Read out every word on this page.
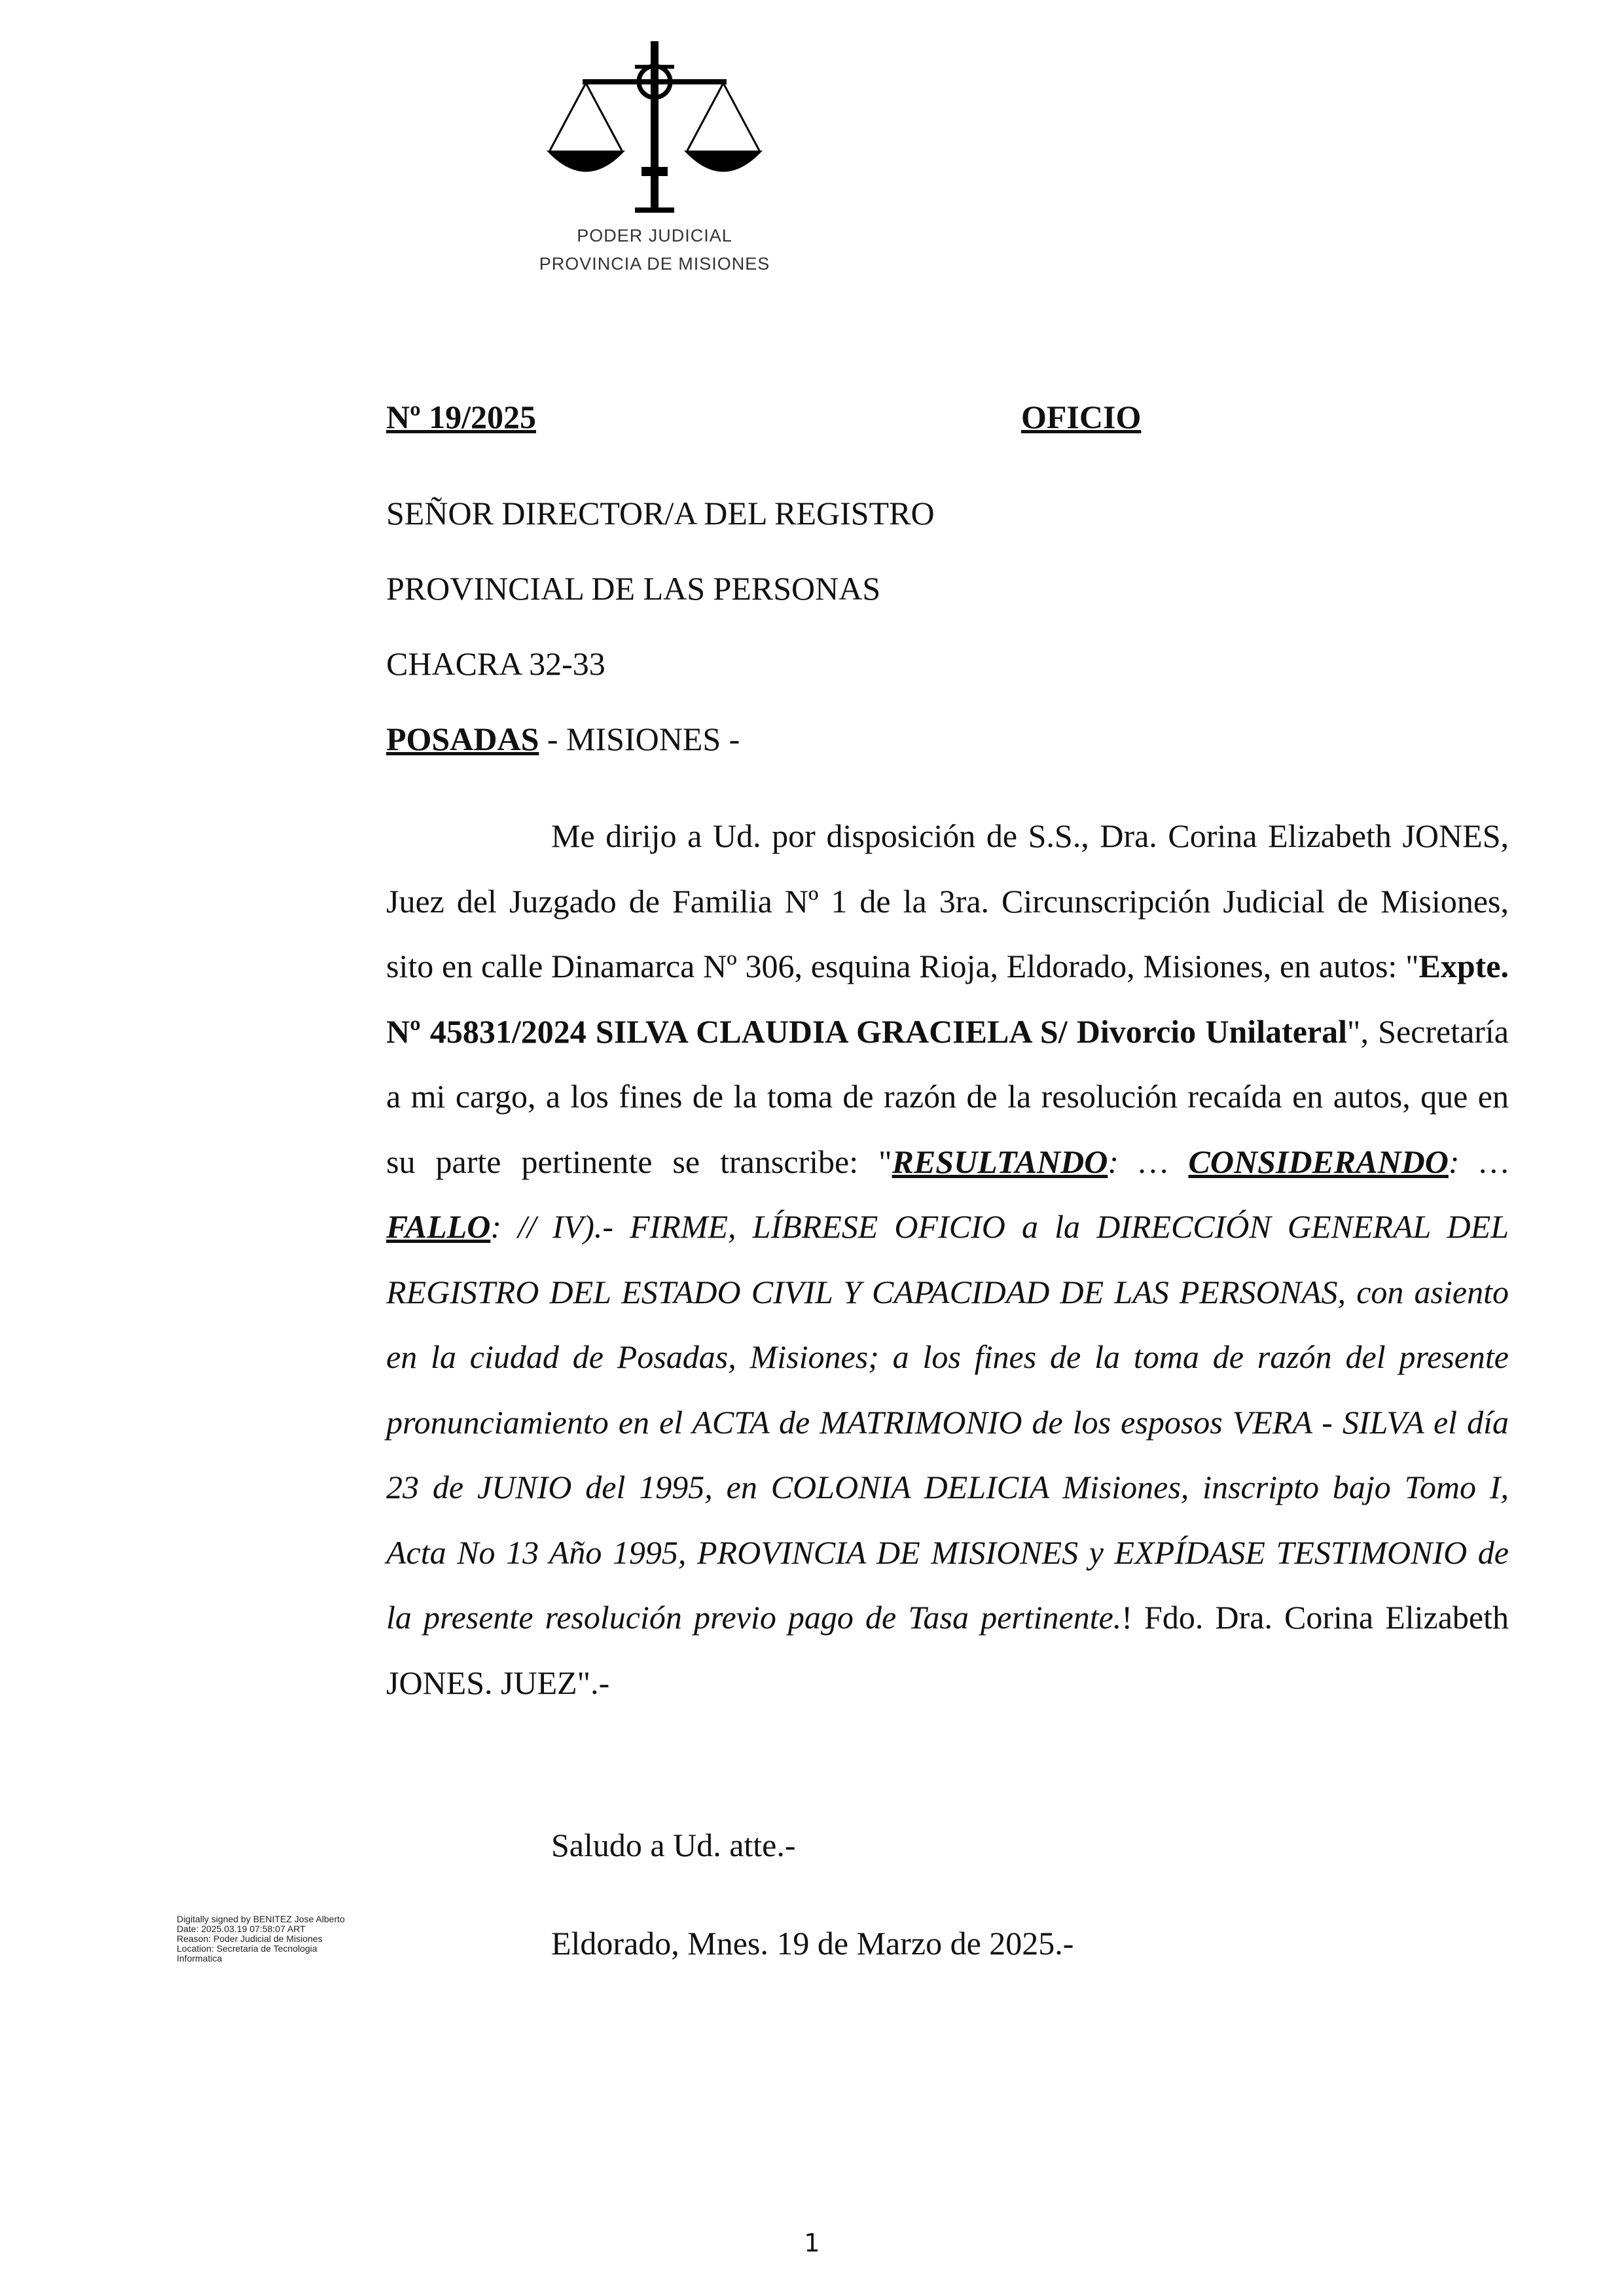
PODER JUDICIAL
PROVINCIA DE MISIONES
Nº 19/2025	OFICIO
SEÑOR DIRECTOR/A DEL REGISTRO
PROVINCIAL DE LAS PERSONAS
CHACRA 32-33
POSADAS - MISIONES -
Me dirijo a Ud. por disposición de S.S., Dra. Corina Elizabeth JONES, Juez del Juzgado de Familia Nº 1 de la 3ra. Circunscripción Judicial de Misiones, sito en calle Dinamarca Nº 306, esquina Rioja, Eldorado, Misiones, en autos: "Expte. Nº 45831/2024 SILVA CLAUDIA GRACIELA S/ Divorcio Unilateral", Secretaría a mi cargo, a los fines de la toma de razón de la resolución recaída en autos, que en su parte pertinente se transcribe: "RESULTANDO: … CONSIDERANDO: … FALLO: // IV).- FIRME, LÍBRESE OFICIO a la DIRECCIÓN GENERAL DEL REGISTRO DEL ESTADO CIVIL Y CAPACIDAD DE LAS PERSONAS, con asiento en la ciudad de Posadas, Misiones; a los fines de la toma de razón del presente pronunciamiento en el ACTA de MATRIMONIO de los esposos VERA - SILVA el día 23 de JUNIO del 1995, en COLONIA DELICIA Misiones, inscripto bajo Tomo I, Acta No 13 Año 1995, PROVINCIA DE MISIONES y EXPÍDASE TESTIMONIO de la presente resolución previo pago de Tasa pertinente.! Fdo. Dra. Corina Elizabeth JONES. JUEZ".-
Saludo a Ud. atte.-
Eldorado, Mnes. 19 de Marzo de 2025.-
Digitally signed by BENITEZ Jose Alberto
Date: 2025.03.19 07:58:07 ART
Reason: Poder Judicial de Misiones
Location: Secretaria de Tecnologia
Informatica
1
